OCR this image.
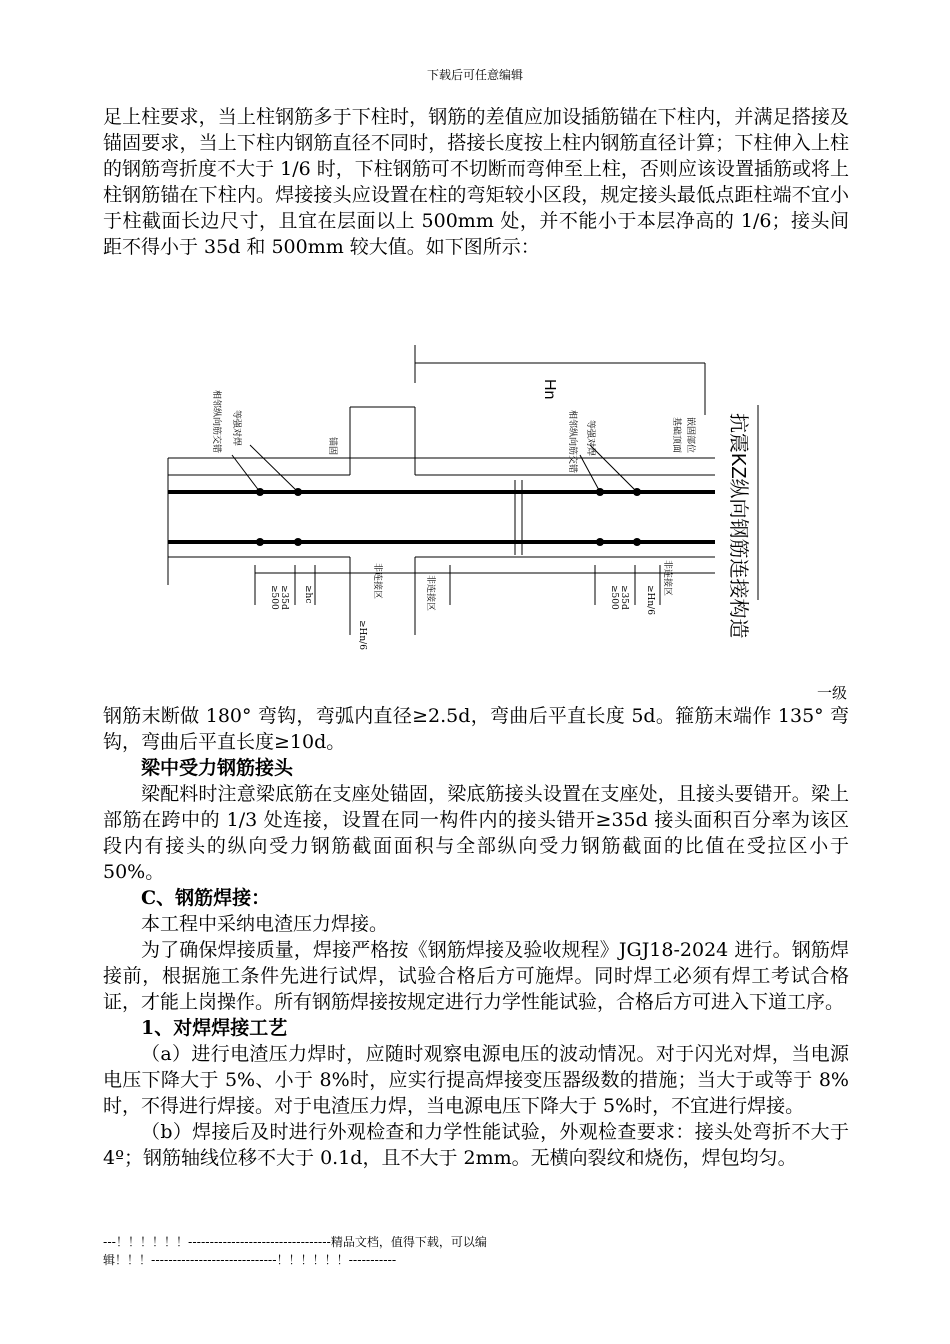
下载后可任意编辑

足上柱要求，当上柱钢筋多于下柱时，钢筋的差值应加设插筋锚在下柱内，并满足搭接及锚固要求，当上下柱内钢筋直径不同时，搭接长度按上柱内钢筋直径计算；下柱伸入上柱的钢筋弯折度不大于 1/6 时，下柱钢筋可不切断而弯伸至上柱，否则应该设置插筋或将上柱钢筋锚在下柱内。焊接接头应设置在柱的弯矩较小区段，规定接头最低点距柱端不宜小于柱截面长边尺寸，且宜在层面以上 500mm 处，并不能小于本层净高的 1/6；接头间距不得小于 35d 和 500mm 较大值。如下图所示：

Hn
相邻纵向筋交错 等强对焊	锚固	相邻纵向筋交错 等强对焊	基础顶面 嵌固部位
≥500 ≥35d ≥hc	非连接区	非连接区
≥Hn/6
≥500 ≥35d ≥Hn/6
非连接区	抗震KZ纵向钢筋连接构造
一级

钢筋末断做 180° 弯钩，弯弧内直径≥2.5d，弯曲后平直长度 5d。箍筋末端作 135° 弯钩，弯曲后平直长度≥10d。

梁中受力钢筋接头

梁配料时注意梁底筋在支座处锚固，梁底筋接头设置在支座处，且接头要错开。梁上部筋在跨中的 1/3 处连接，设置在同一构件内的接头错开≥35d 接头面积百分率为该区段内有接头的纵向受力钢筋截面面积与全部纵向受力钢筋截面的比值在受拉区小于 50%。

C、钢筋焊接：

本工程中采纳电渣压力焊接。

为了确保焊接质量，焊接严格按《钢筋焊接及验收规程》JGJ18-2024 进行。钢筋焊接前，根据施工条件先进行试焊，试验合格后方可施焊。同时焊工必须有焊工考试合格证，才能上岗操作。所有钢筋焊接按规定进行力学性能试验，合格后方可进入下道工序。

1、对焊焊接工艺

（a）进行电渣压力焊时，应随时观察电源电压的波动情况。对于闪光对焊，当电源电压下降大于 5%、小于 8%时，应实行提高焊接变压器级数的措施；当大于或等于 8%时，不得进行焊接。对于电渣压力焊，当电源电压下降大于 5%时，不宜进行焊接。

（b）焊接后及时进行外观检查和力学性能试验，外观检查要求：接头处弯折不大于 4º；钢筋轴线位移不大于 0.1d，且不大于 2mm。无横向裂纹和烧伤，焊包均匀。

---！！！！！！---------------------------------精品文档，值得下载，可以编
辑！！！-----------------------------！！！！！！-----------
